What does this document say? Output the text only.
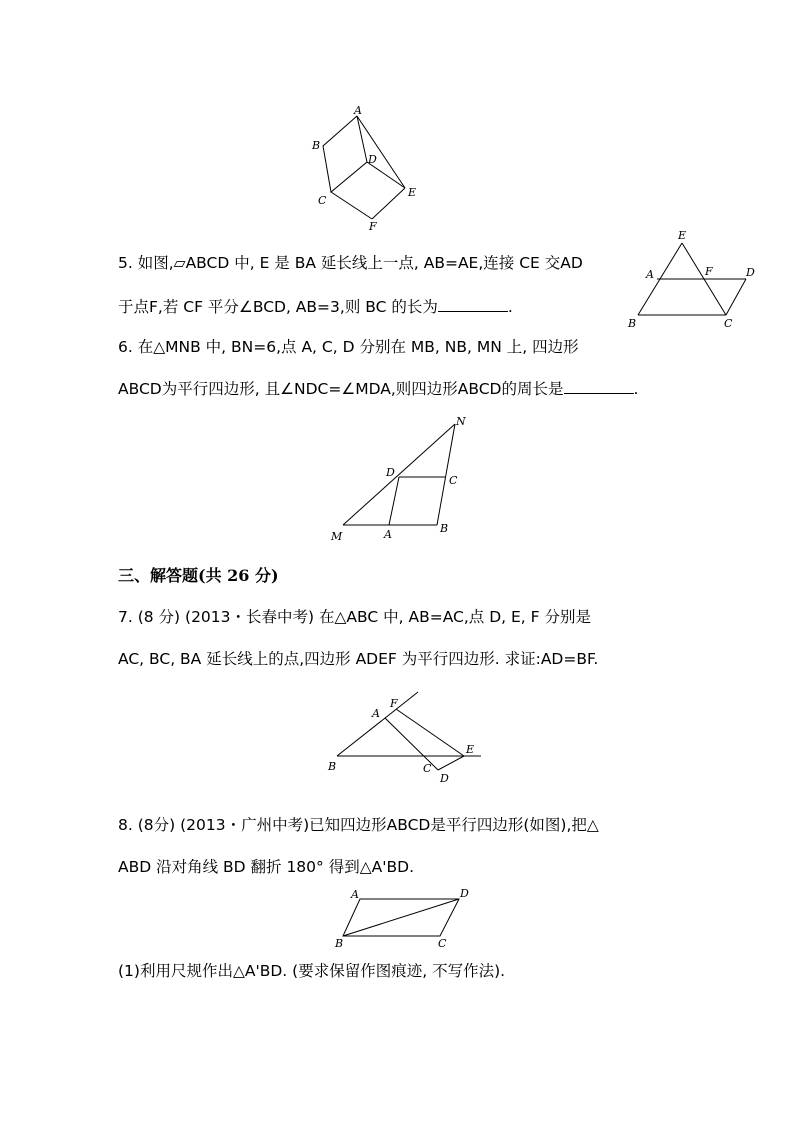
A
B
D
E
C
F
E
A	F	D
B	C
N
D
C
M	A	B
F
A
E
B	C
D
A	D
B	C
5. 如图,▱ABCD 中, E 是 BA 延长线上一点, AB=AE,连接 CE 交AD
于点F,若 CF 平分∠BCD, AB=3,则 BC 的长为	.
6. 在△MNB 中, BN=6,点 A, C, D 分别在 MB, NB, MN 上, 四边形
ABCD为平行四边形, 且∠NDC=∠MDA,则四边形ABCD的周长是	.
三、解答题(共 26 分)
7. (8 分) (2013・长春中考) 在△ABC 中, AB=AC,点 D, E, F 分别是
AC, BC, BA 延长线上的点,四边形 ADEF 为平行四边形. 求证:AD=BF.
8. (8分) (2013・广州中考)已知四边形ABCD是平行四边形(如图),把△
ABD 沿对角线 BD 翻折 180° 得到△A'BD.
(1)利用尺规作出△A'BD. (要求保留作图痕迹, 不写作法).
